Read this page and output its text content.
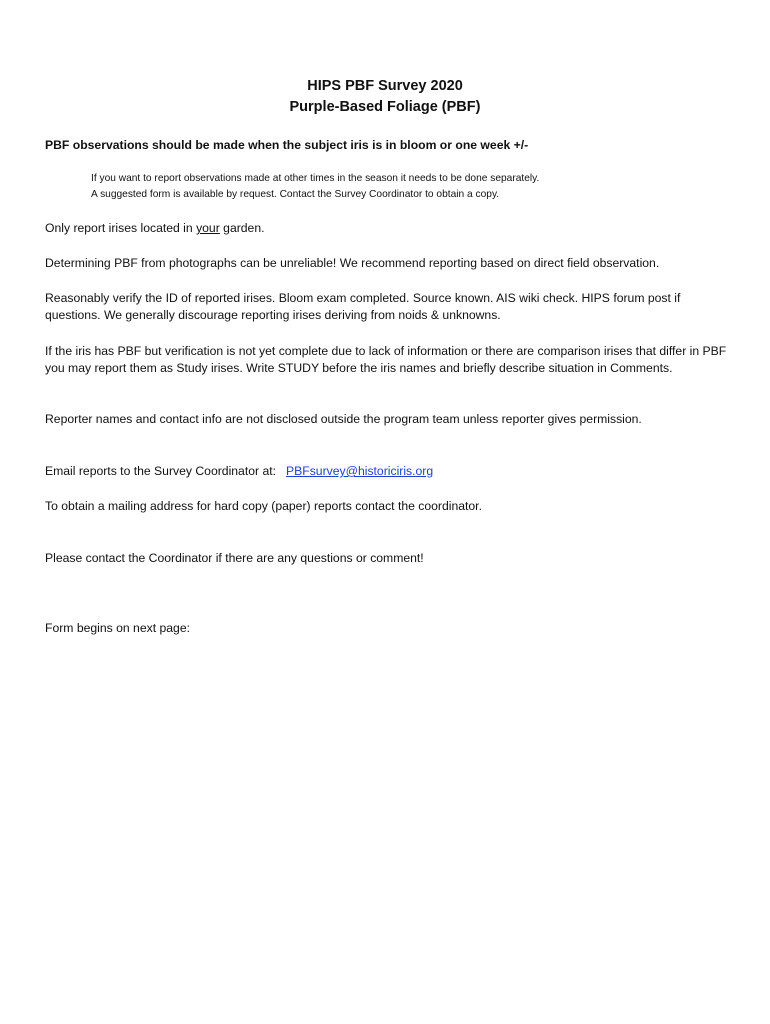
HIPS PBF Survey 2020
Purple-Based Foliage (PBF)
PBF observations should be made when the subject iris is in bloom or one week +/-
If you want to report observations made at other times in the season it needs to be done separately.
A suggested form is available by request. Contact the Survey Coordinator to obtain a copy.
Only report irises located in your garden.
Determining PBF from photographs can be unreliable! We recommend reporting based on direct field observation.
Reasonably verify the ID of reported irises. Bloom exam completed. Source known. AIS wiki check. HIPS forum post if questions. We generally discourage reporting irises deriving from noids & unknowns.
If the iris has PBF but verification is not yet complete due to lack of information or there are comparison irises that differ in PBF you may report them as Study irises. Write STUDY before the iris names and briefly describe situation in Comments.
Reporter names and contact info are not disclosed outside the program team unless reporter gives permission.
Email reports to the Survey Coordinator at: PBFsurvey@historiciris.org
To obtain a mailing address for hard copy (paper) reports contact the coordinator.
Please contact the Coordinator if there are any questions or comment!
Form begins on next page:
